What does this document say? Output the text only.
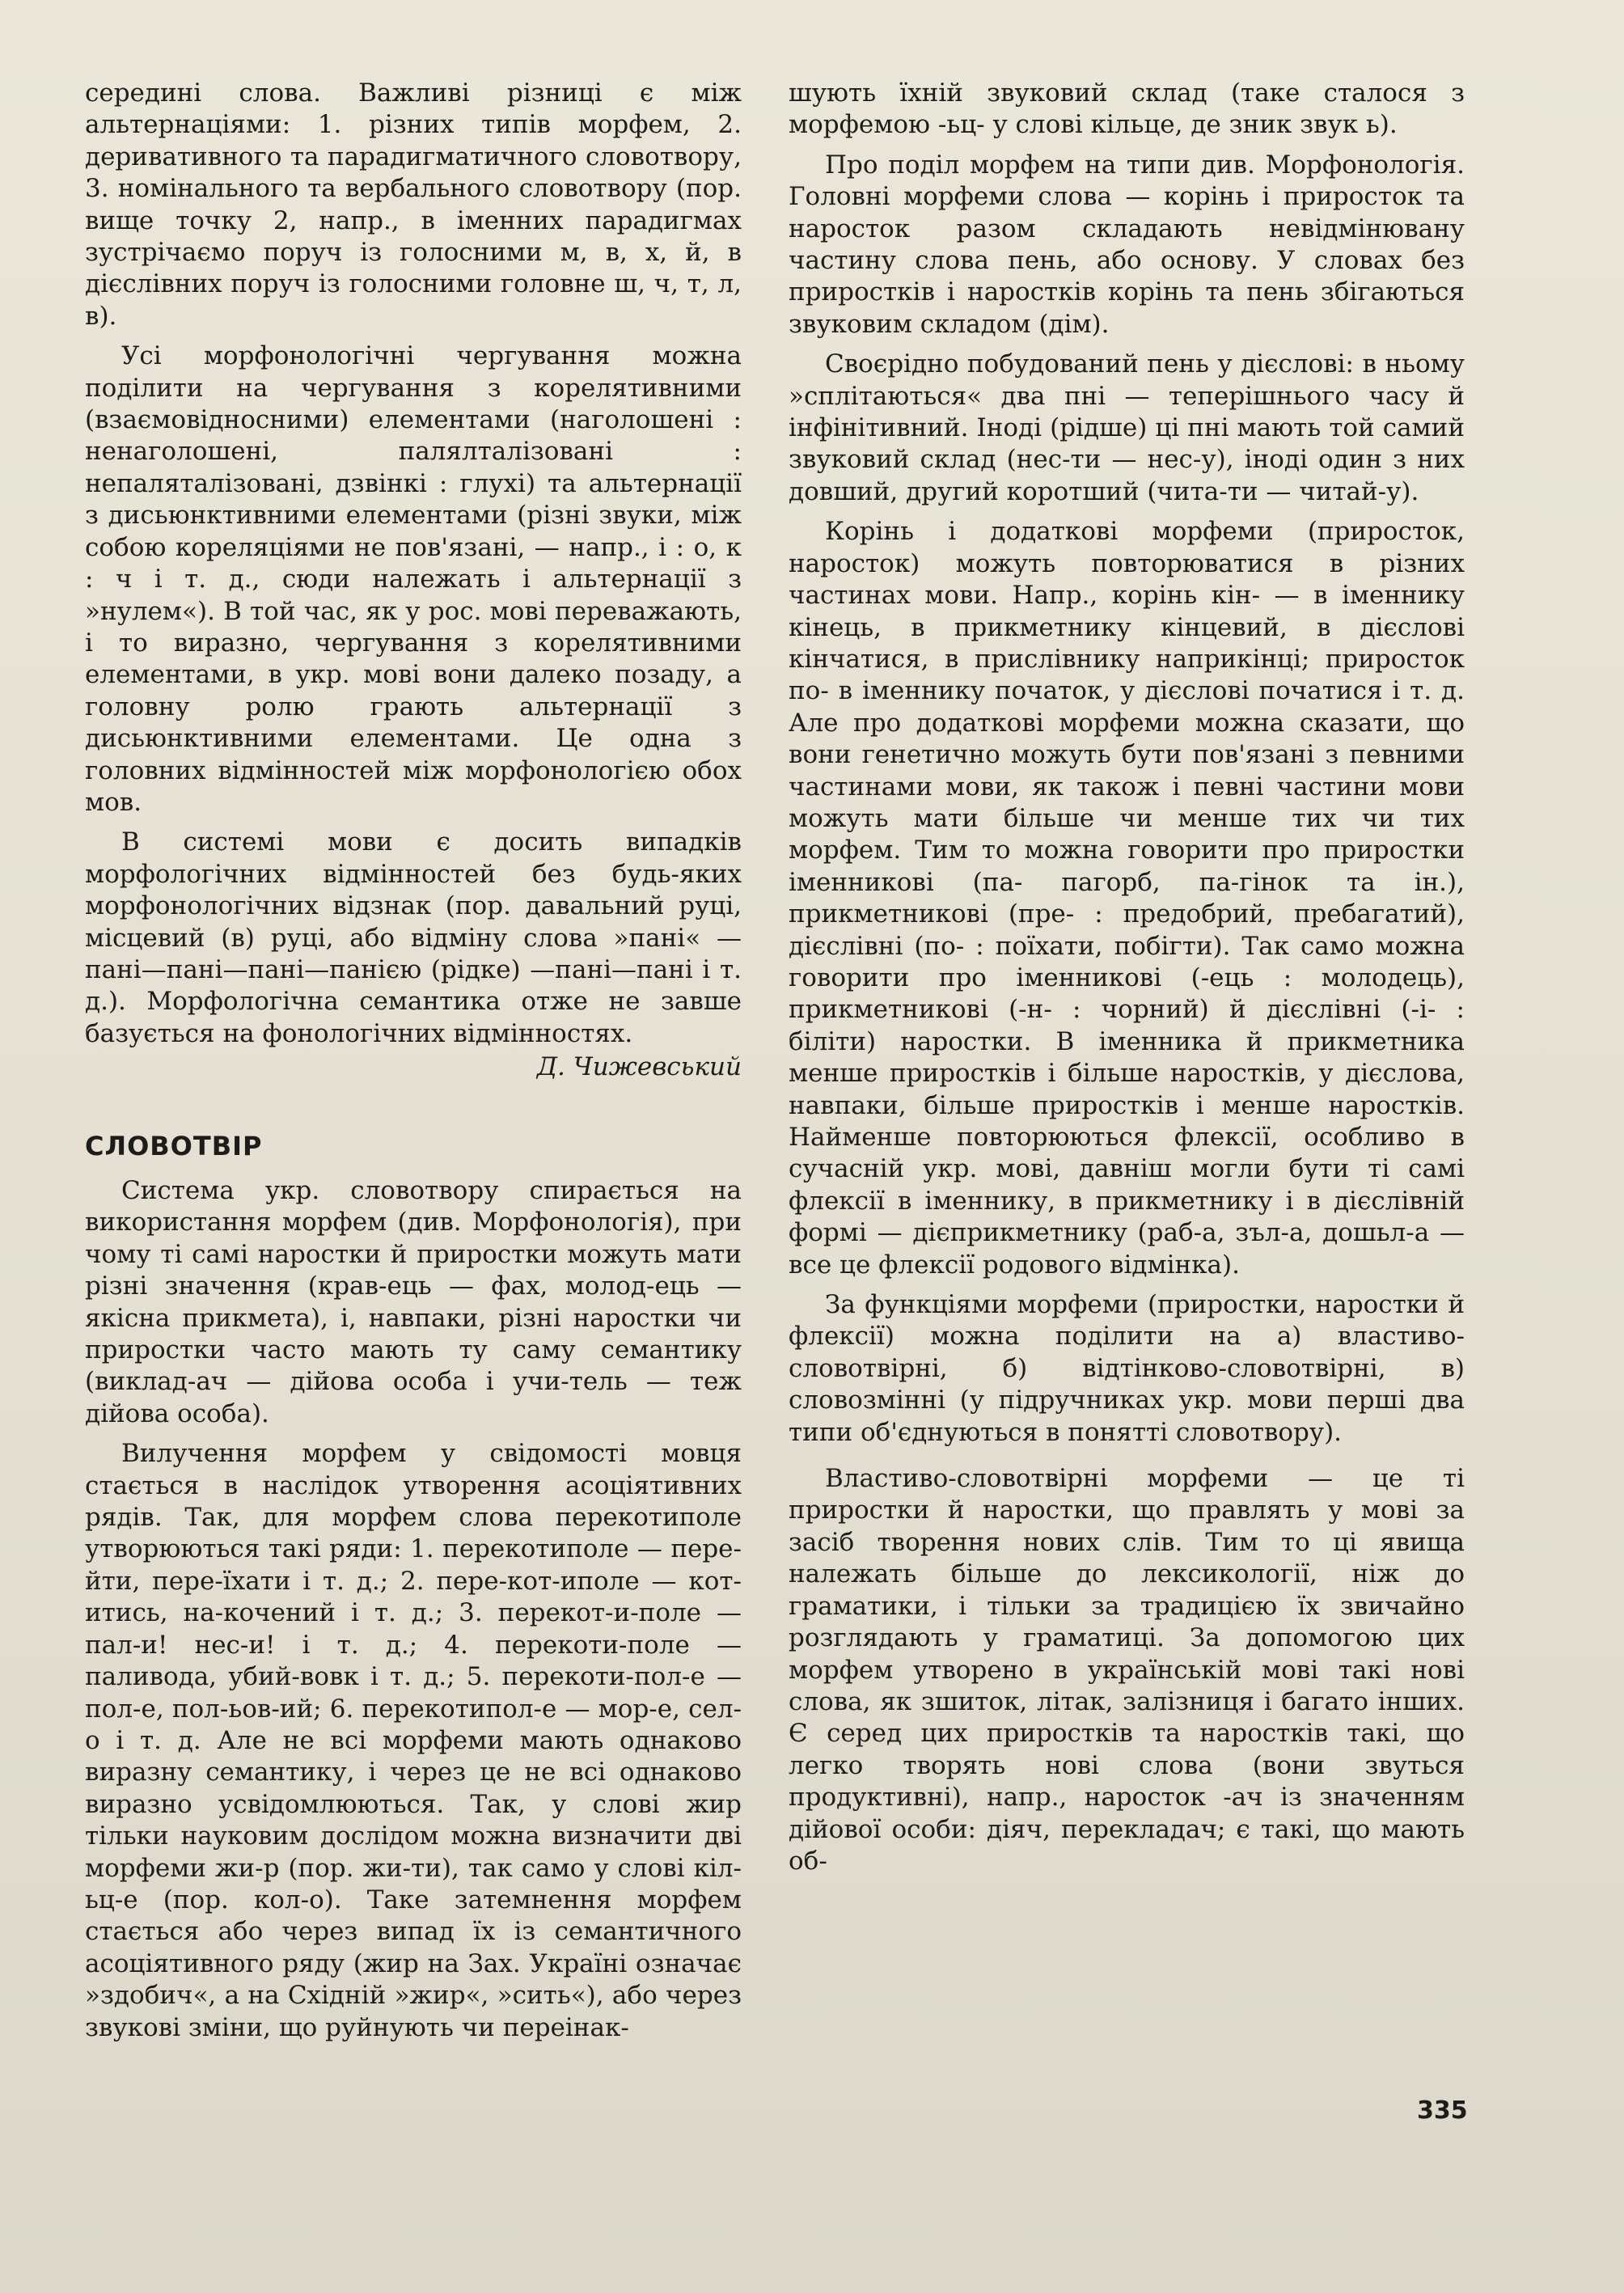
середині слова. Важливі різниці є між альтернаціями: 1. різних типів морфем, 2. деривативного та парадигматичного словотвору, 3. номінального та вербального словотвору (пор. вище точку 2, напр., в іменних парадигмах зустрічаємо поруч із голосними м, в, х, й, в дієслівних поруч із голосними головне ш, ч, т, л, в).

Усі морфонологічні чергування можна поділити на чергування з корелятивними (взаємовідносними) елементами (наголошені : ненаголошені, палялталізовані : непаляталізовані, дзвінкі : глухі) та альтернації з дисьюнктивними елементами (різні звуки, між собою кореляціями не пов'язані, — напр., і : о, к : ч і т. д., сюди належать і альтернації з »нулем«). В той час, як у рос. мові переважають, і то виразно, чергування з корелятивними елементами, в укр. мові вони далеко позаду, а головну ролю грають альтернації з дисьюнктивними елементами. Це одна з головних відмінностей між морфонологією обох мов.

В системі мови є досить випадків морфологічних відмінностей без будь-яких морфонологічних відзнак (пор. давальний руці, місцевий (в) руці, або відміну слова »пані« —пані—пані—пані—панією (рідке) —пані—пані і т. д.). Морфологічна семантика отже не завше базується на фонологічних відмінностях.

Д. Чижевський
СЛОВОТВІР

Система укр. словотвору спирається на використання морфем (див. Морфонологія), при чому ті самі наростки й приростки можуть мати різні значення (крав-ець — фах, молод-ець — якісна прикмета), і, навпаки, різні наростки чи приростки часто мають ту саму семантику (виклад-ач — дійова особа і учи-тель — теж дійова особа).

Вилучення морфем у свідомості мовця стається в наслідок утворення асоціятивних рядів. Так, для морфем слова перекотиполе утворюються такі ряди: 1. перекотиполе — пере-йти, пере-їхати і т. д.; 2. пере-кот-иполе — кот-итись, на-кочений і т. д.; 3. перекот-и-поле — пал-и! нес-и! і т. д.; 4. перекоти-поле — паливода, убий-вовк і т. д.; 5. перекоти-пол-е — пол-е, пол-ьов-ий; 6. перекотипол-е — мор-е, сел-о і т. д. Але не всі морфеми мають однаково виразну семантику, і через це не всі однаково виразно усвідомлюються. Так, у слові жир тільки науковим дослідом можна визначити дві морфеми жи-р (пор. жи-ти), так само у слові кіл-ьц-е (пор. кол-о). Таке затемнення морфем стається або через випад їх із семантичного асоціятивного ряду (жир на Зах. Україні означає »здобич«, а на Східній »жир«, »сить«), або через звукові зміни, що руйнують чи переінак-

шують їхній звуковий склад (таке сталося з морфемою -ьц- у слові кільце, де зник звук ь).

Про поділ морфем на типи див. Морфонологія. Головні морфеми слова — корінь і приросток та наросток разом складають невідмінювану частину слова пень, або основу. У словах без приростків і наростків корінь та пень збігаються звуковим складом (дім).

Своєрідно побудований пень у дієслові: в ньому »сплітаються« два пні — теперішнього часу й інфінітивний. Іноді (рідше) ці пні мають той самий звуковий склад (нес-ти — нес-у), іноді один з них довший, другий коротший (чита-ти — читай-у).

Корінь і додаткові морфеми (приросток, наросток) можуть повторюватися в різних частинах мови. Напр., корінь кін- — в іменнику кінець, в прикметнику кінцевий, в дієслові кінчатися, в прислівнику наприкінці; приросток по- в іменнику початок, у дієслові початися і т. д. Але про додаткові морфеми можна сказати, що вони генетично можуть бути пов'язані з певними частинами мови, як також і певні частини мови можуть мати більше чи менше тих чи тих морфем. Тим то можна говорити про приростки іменникові (па- пагорб, па-гінок та ін.), прикметникові (пре- : предобрий, пребагатий), дієслівні (по- : поїхати, побігти). Так само можна говорити про іменникові (-ець : молодець), прикметникові (-н- : чорний) й дієслівні (-і- : біліти) наростки. В іменника й прикметника менше приростків і більше наростків, у дієслова, навпаки, більше приростків і менше наростків. Найменше повторюються флексії, особливо в сучасній укр. мові, давніш могли бути ті самі флексії в іменнику, в прикметнику і в дієслівній формі — дієприкметнику (раб-а, зъл-а, дошьл-а — все це флексії родового відмінка).

За функціями морфеми (приростки, наростки й флексії) можна поділити на а) властиво-словотвірні, б) відтінково-словотвірні, в) словозмінні (у підручниках укр. мови перші два типи об'єднуються в понятті словотвору).

Властиво-словотвірні морфеми — це ті приростки й наростки, що правлять у мові за засіб творення нових слів. Тим то ці явища належать більше до лексикології, ніж до граматики, і тільки за традицією їх звичайно розглядають у граматиці. За допомогою цих морфем утворено в українській мові такі нові слова, як зшиток, літак, залізниця і багато інших. Є серед цих приростків та наростків такі, що легко творять нові слова (вони звуться продуктивні), напр., наросток -ач із значенням дійової особи: діяч, перекладач; є такі, що мають об-

335
